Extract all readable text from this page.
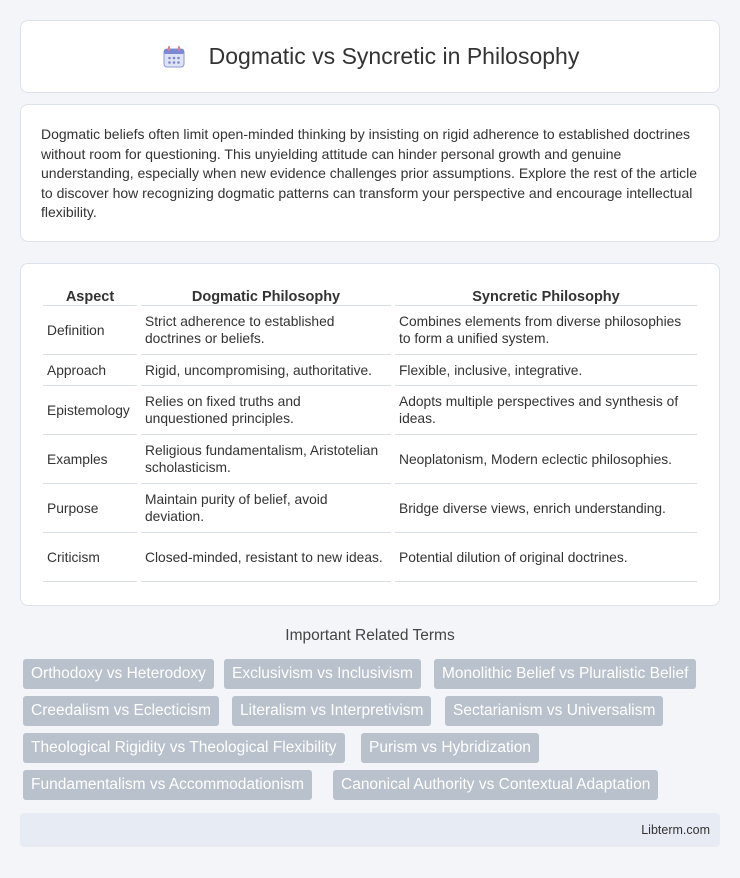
Dogmatic vs Syncretic in Philosophy

Dogmatic beliefs often limit open-minded thinking by insisting on rigid adherence to established doctrines without room for questioning. This unyielding attitude can hinder personal growth and genuine understanding, especially when new evidence challenges prior assumptions. Explore the rest of the article to discover how recognizing dogmatic patterns can transform your perspective and encourage intellectual flexibility.

Aspect	Dogmatic Philosophy	Syncretic Philosophy
Definition	Strict adherence to established doctrines or beliefs.	Combines elements from diverse philosophies to form a unified system.
Approach	Rigid, uncompromising, authoritative.	Flexible, inclusive, integrative.
Epistemology	Relies on fixed truths and unquestioned principles.	Adopts multiple perspectives and synthesis of ideas.
Examples	Religious fundamentalism, Aristotelian scholasticism.	Neoplatonism, Modern eclectic philosophies.
Purpose	Maintain purity of belief, avoid deviation.	Bridge diverse views, enrich understanding.
Criticism	Closed-minded, resistant to new ideas.	Potential dilution of original doctrines.
Important Related Terms
Orthodoxy vs Heterodoxy	Exclusivism vs Inclusivism	Monolithic Belief vs Pluralistic Belief
Creedalism vs Eclecticism	Literalism vs Interpretivism	Sectarianism vs Universalism
Theological Rigidity vs Theological Flexibility	Purism vs Hybridization
Fundamentalism vs Accommodationism	Canonical Authority vs Contextual Adaptation
Libterm.com
